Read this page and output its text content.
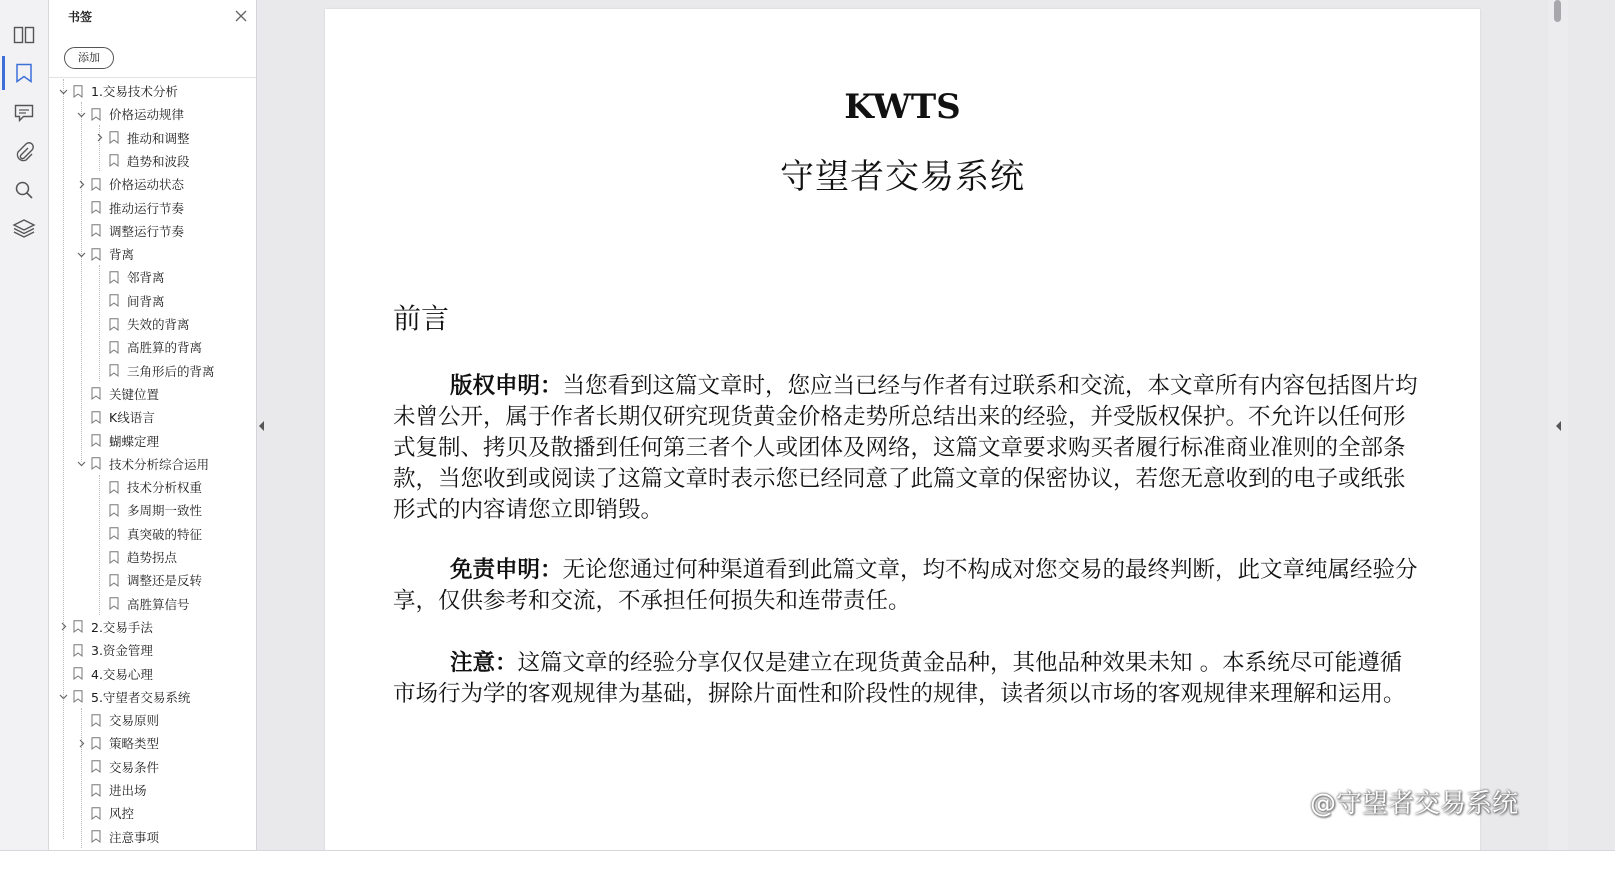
书签
添加
1.交易技术分析
价格运动规律
推动和调整
趋势和波段
价格运动状态
推动运行节奏
调整运行节奏
背离
邻背离
间背离
失效的背离
高胜算的背离
三角形后的背离
关键位置
K线语言
蝴蝶定理
技术分析综合运用
技术分析权重
多周期一致性
真突破的特征
趋势拐点
调整还是反转
高胜算信号
2.交易手法
3.资金管理
4.交易心理
5.守望者交易系统
交易原则
策略类型
交易条件
进出场
风控
注意事项
KWTS
守望者交易系统
前言
版权申明：当您看到这篇文章时，您应当已经与作者有过联系和交流，本文章所有内容包括图片均未曾公开，属于作者长期仅研究现货黄金价格走势所总结出来的经验，并受版权保护。不允许以任何形式复制、拷贝及散播到任何第三者个人或团体及网络，这篇文章要求购买者履行标准商业准则的全部条款，当您收到或阅读了这篇文章时表示您已经同意了此篇文章的保密协议，若您无意收到的电子或纸张形式的内容请您立即销毁。
免责申明：无论您通过何种渠道看到此篇文章，均不构成对您交易的最终判断，此文章纯属经验分享，仅供参考和交流，不承担任何损失和连带责任。
注意：这篇文章的经验分享仅仅是建立在现货黄金品种，其他品种效果未知 。本系统尽可能遵循市场行为学的客观规律为基础，摒除片面性和阶段性的规律，读者须以市场的客观规律来理解和运用。
@守望者交易系统
